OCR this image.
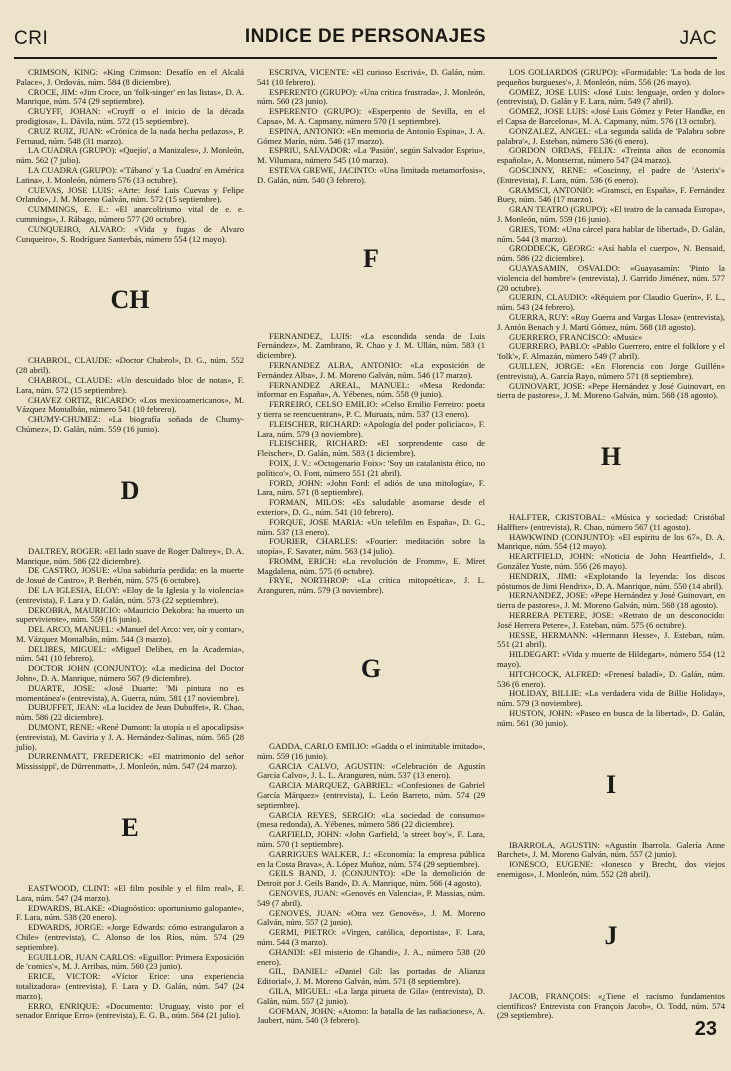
CRI	INDICE DE PERSONAJES	JAC

CRIMSON, KING: «King Crimson: Desafío en el Alcalá Palace», J. Ordovás, núm. 584 (8 diciembre).

CROCE, JIM: «Jim Croce, un 'folk-singer' en las listas», D. A. Manrique, núm. 574 (29 septiembre).

CRUYFF, JOHAN: «Cruyff o el inicio de la década prodigiosa», L. Dávila, núm. 572 (15 septiembre).

CRUZ RUIZ, JUAN: «Crónica de la nada hecha pedazos», P. Fernaud, núm. 548 (31 marzo).

LA CUADRA (GRUPO): «Quejío', a Manizales», J. Monleón, núm. 562 (7 julio).

LA CUADRA (GRUPO): «'Tábano' y 'La Cuadra' en América Latina», J. Monleón, número 576 (13 octubre).

CUEVAS, JOSE LUIS: «Arte: José Luis Cuevas y Felipe Orlando», J. M. Moreno Galván, núm. 572 (15 septiembre).

CUMMINGS, E. E.: «El anarcolirismo vital de e. e. cummings», J. Rábago, número 577 (20 octubre).

CUNQUEIRO, ALVARO: «Vida y fugas de Alvaro Cunqueiro», S. Rodríguez Santerbás, número 554 (12 mayo).

CH

CHABROL, CLAUDE: «Doctor Chabrol», D. G., núm. 552 (28 abril).

CHABROL, CLAUDE: «Un descuidado bloc de notas», F. Lara, núm. 572 (15 septiembre).

CHAVEZ ORTIZ, RICARDO: «Los mexicoamericanos», M. Vázquez Montalbán, número 541 (10 febrero).

CHUMY-CHUMEZ: «La biografía soñada de Chumy-Chúmez», D. Galán, núm. 559 (16 junio).

D

DALTREY, ROGER: «El lado suave de Roger Daltrey», D. A. Manrique, núm. 586 (22 diciembre).

DE CASTRO, JOSUE: «Una sabiduría perdida: en la muerte de Josué de Castro», P. Berbén, núm. 575 (6 octubre).

DE LA IGLESIA, ELOY: «Eloy de la Iglesia y la violencia» (entrevista), F. Lara y D. Galán, núm. 573 (22 septiembre).

DEKOBRA, MAURICIO: «Mauricio Dekobra: ha muerto un superviviente», núm. 559 (16 junio).

DEL ARCO, MANUEL: «Manuel del Arco: ver, oír y contar», M. Vázquez Montalbán, núm. 544 (3 marzo).

DELIBES, MIGUEL: «Miguel Delibes, en la Academia», núm. 541 (10 febrero).

DOCTOR JOHN (CONJUNTO): «La medicina del Doctor John», D. A. Manrique, número 567 (9 diciembre).

DUARTE, JOSE: «José Duarte: 'Mi pintura no es momentánea'» (entrevista), A. Guerra, núm. 581 (17 noviembre).

DUBUFFET, JEAN: «La lucidez de Jean Dubuffet», R. Chao, núm. 586 (22 diciembre).

DUMONT, RENE: «René Dumont: la utopía o el apocalipsis» (entrevista), M. Gaviria y J. A. Hernández-Salinas, núm. 565 (28 julio).

DURRENMATT, FREDERICK: «El matrimonio del señor Mississippi', de Dürrenmatt», J. Monleón, núm. 547 (24 marzo).

E

EASTWOOD, CLINT: «El film posible y el film real», F. Lara, núm. 547 (24 marzo).

EDWARDS, BLAKE: «Diagnóstico: oportunismo galopante», F. Lara, núm. 538 (20 enero).

EDWARDS, JORGE: «Jorge Edwards: cómo estrangularon a Chile» (entrevista), C. Alonso de los Ríos, núm. 574 (29 septiembre).

EGUILLOR, JUAN CARLOS: «Eguillor: Primera Exposición de 'comics'», M. J. Arribas, núm. 560 (23 junio).

ERICE, VICTOR: «Víctor Erice: una experiencia totalizadora» (entrevista), F. Lara y D. Galán, núm. 547 (24 marzo).

ERRO, ENRIQUE: «Documento: Uruguay, visto por el senador Enrique Erro» (entrevista), E. G. B., núm. 564 (21 julio).

ESCRIVA, VICENTE: «El curioso Escrivá», D. Galán, núm. 541 (10 febrero).

ESPERENTO (GRUPO): «Una crítica frustrada», J. Monleón, núm. 560 (23 junio).

ESPERENTO (GRUPO): «Esperpento de Sevilla, en el Capsa», M. A. Capmany, número 570 (1 septiembre).

ESPINA, ANTONIO: «En memoria de Antonio Espina», J. A. Gómez Marín, núm. 546 (17 marzo).

ESPRIU, SALVADOR: «La 'Pasión', según Salvador Espriu», M. Vilumara, número 545 (10 marzo).

ESTEVA GREWE, JACINTO: «Una limitada metamorfosis», D. Galán, núm. 540 (3 febrero).

F

FERNANDEZ, LUIS: «La escondida senda de Luis Fernández», M. Zambrano, R. Chao y J. M. Ullán, núm. 583 (1 diciembre).

FERNANDEZ ALBA, ANTONIO: «La exposición de Fernández Alba», J. M. Moreno Galván, núm. 546 (17 marzo).

FERNANDEZ AREAL, MANUEL: «Mesa Redonda: informar en España», A. Yébenes, núm. 558 (9 junio).

FERREIRO, CELSO EMILIO: «Celso Emilio Ferreiro: poeta y tierra se reencuentran», P. C. Muruais, núm. 537 (13 enero).

FLEISCHER, RICHARD: «Apología del poder policíaco», F. Lara, núm. 579 (3 noviembre).

FLEISCHER, RICHARD: «El sorprendente caso de Fleischer», D. Galán, núm. 583 (1 diciembre).

FOIX, J. V.: «Octogenario Foix»: 'Soy un catalanista ético, no político'», O. Font, número 551 (21 abril).

FORD, JOHN: «John Ford: el adiós de una mitología», F. Lara, núm. 571 (8 septiembre).

FORMAN, MILOS: «Es saludable asomarse desde el exterior», D. G., núm. 541 (10 febrero).

FORQUE, JOSE MARIA: «Un telefilm en España», D. G., núm. 537 (13 enero).

FOURIER, CHARLES: «Fourier: meditación sobre la utopía», F. Savater, núm. 563 (14 julio).

FROMM, ERICH: «La revolución de Fromm», E. Miret Magdalena, núm. 575 (6 octubre).

FRYE, NORTHROP: «La crítica mitopoética», J. L. Aranguren, núm. 579 (3 noviembre).

G

GADDA, CARLO EMILIO: «Gadda o el inimitable imitado», núm. 559 (16 junio).

GARCIA CALVO, AGUSTIN: «Celebración de Agustín García Calvo», J. L. L. Aranguren, núm. 537 (13 enero).

GARCIA MARQUEZ, GABRIEL: «Confesiones de Gabriel García Márquez» (entrevista), L. León Barreto, núm. 574 (29 septiembre).

GARCIA REYES, SERGIO: «La sociedad de consumo» (mesa redonda), A. Yébenes, número 586 (22 diciembre).

GARFIELD, JOHN: «John Garfield, 'a street boy'», F. Lara, núm. 570 (1 septiembre).

GARRIGUES WALKER, J.: «Economía: la empresa pública en la Costa Brava», A. López Muñoz, núm. 574 (29 septiembre).

GEILS BAND, J. (CONJUNTO): «De la demolición de Detroit por J. Geils Band», D. A. Manrique, núm. 566 (4 agosto).

GENOVES, JUAN: «Genovés en Valencia», P. Massias, núm. 549 (7 abril).

GENOVES, JUAN: «Otra vez Genovés», J. M. Moreno Galván, núm. 557 (2 junio).

GERMI, PIETRO: «Virgen, católica, deportista», F. Lara, núm. 544 (3 marzo).

GHANDI: «El misterio de Ghandi», J. A., número 538 (20 enero).

GIL, DANIEL: «Daniel Gil: las portadas de Alianza Editorial», J. M. Moreno Galván, núm. 571 (8 septiembre).

GILA, MIGUEL: «La larga pirueta de Gila» (entrevista), D. Galán, núm. 557 (2 junio).

GOFMAN, JOHN: «Atomo: la batalla de las radiaciones», A. Jaubert, núm. 540 (3 febrero).

LOS GOLIARDOS (GRUPO): «Formidable: 'La boda de los pequeños burgueses'», J. Monleón, núm. 556 (26 mayo).

GOMEZ, JOSE LUIS: «José Luis: lenguaje, orden y dolor» (entrevista), D. Galán y F. Lara, núm. 549 (7 abril).

GOMEZ, JOSE LUIS: «José Luis Gómez y Peter Handke, en el Capsa de Barcelona», M. A. Capmany, núm. 576 (13 octubr).

GONZALEZ, ANGEL: «La segunda salida de 'Palabra sobre palabra'», J. Esteban, número 536 (6 enero).

GORDON ORDAS, FELIX: «Treinta años de economía española», A. Montserrat, número 547 (24 marzo).

GOSCINNY, RENE: «Coscinny, el padre de 'Asterix'» (Entrevista), F. Lara, núm. 536 (6 enero).

GRAMSCI, ANTONIO: «Gramsci, en España», F. Fernández Buey, núm. 546 (17 marzo).

GRAN TEATRO (GRUPO): «El teatro de la cansada Europa», J. Monleón, núm. 559 (16 junio).

GRIES, TOM: «Una cárcel para hablar de libertad», D. Galán, núm. 544 (3 marzo).

GRODDECK, GEORG: «Así habla el cuerpo», N. Bensaid, núm. 586 (22 diciembre).

GUAYASAMIN, OSVALDO: «Guayasamín: 'Pinto la violencia del hombre'» (entrevista), J. Garrido Jiménez, núm. 577 (20 octubre).

GUERIN, CLAUDIO: «Réquiem por Claudio Guerín», F. L., núm. 543 (24 febrero).

GUERRA, RUY: «Ruy Guerra and Vargas Llosa» (entrevista), J. Antón Benach y J. Martí Gómez, núm. 568 (18 agosto).

GUERRERO, FRANCISCO: «Music»

GUERRERO, PABLO: «Pablo Guerrero, entre el folklore y el 'folk'», F. Almazán, número 549 (7 abril).

GUILLEN, JORGE: «En Florencia con Jorge Guillén» (entrevista), A. García Rayo, número 571 (8 septiembre).

GUINOVART, JOSE: «Pepe Hernández y José Guinovart, en tierra de pastores», J. M. Moreno Galván, núm. 568 (18 agosto).

H

HALFTER, CRISTOBAL: «Música y sociedad: Cristóbal Halffter» (entrevista), R. Chao, número 567 (11 agosto).

HAWKWIND (CONJUNTO): «El espíritu de los 67», D. A. Manrique, núm. 554 (12 mayo).

HEARTFIELD, JOHN: «Noticia de John Heartfield», J. González Yuste, núm. 556 (26 mayo).

HENDRIX, JIMI: «Explotando la leyenda: los discos póstumos de Jimi Hendrix», D. A. Manrique, núm. 550 (14 abril).

HERNANDEZ, JOSE: «Pepe Hernández y José Guinovart, en tierra de pastores», J. M. Moreno Galván, núm. 568 (18 agosto).

HERRERA PETERE, JOSE: «Retrato de un desconocido: José Herrera Petere», J. Esteban, núm. 575 (6 octubre).

HESSE, HERMANN: «Hermann Hesse», J. Esteban, núm. 551 (21 abril).

HILDEGART: «Vida y muerte de Hildegart», número 554 (12 mayo).

HITCHCOCK, ALFRED: «Frenesí baladí», D. Galán, núm. 536 (6 enero).

HOLIDAY, BILLIE: «La verdadera vida de Billie Holiday», núm. 579 (3 noviembre).

HUSTON, JOHN: «Paseo en busca de la libertad», D. Galán, núm. 561 (30 junio).

I

IBARROLA, AGUSTIN: «Agustín Ibarrola. Galería Anne Barchet», J. M. Moreno Galván, núm. 557 (2 junio).

IONESCO, EUGENE: «Ionesco y Brecht, dos viejos enemigos», J. Monleón, núm. 552 (28 abril).

J

JACOB, FRANÇOIS: «¿Tiene el racismo fundamentos científicos? Entrevista con François Jacob», O. Todd, núm. 574 (29 septiembre).

23
